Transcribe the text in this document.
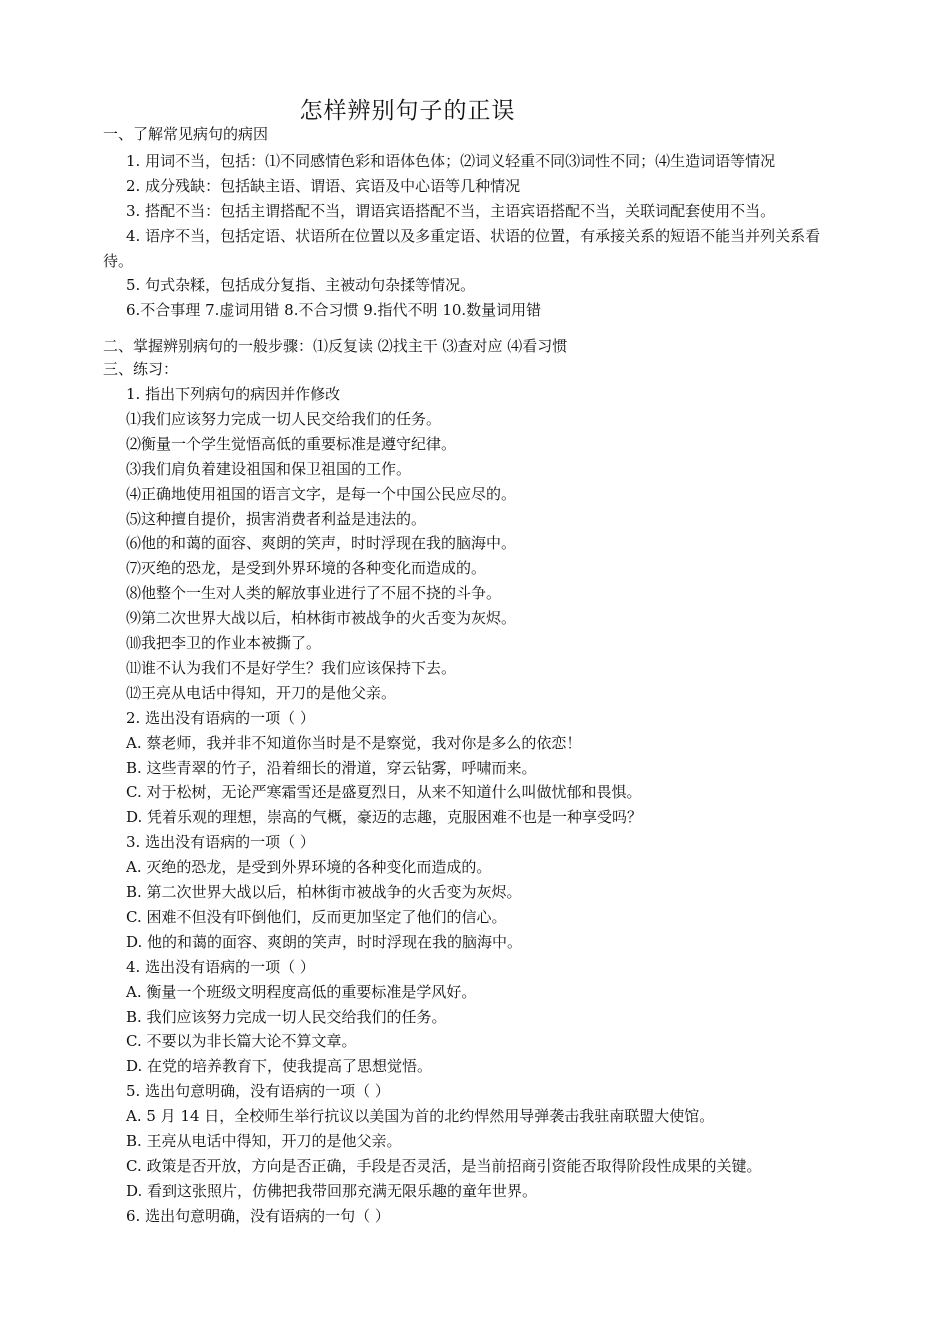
怎样辨别句子的正误
一、了解常见病句的病因
1. 用词不当，包括：⑴不同感情色彩和语体色体；⑵词义轻重不同⑶词性不同；⑷生造词语等情况
2. 成分残缺：包括缺主语、谓语、宾语及中心语等几种情况
3. 搭配不当：包括主谓搭配不当，谓语宾语搭配不当，主语宾语搭配不当，关联词配套使用不当。
4. 语序不当，包括定语、状语所在位置以及多重定语、状语的位置，有承接关系的短语不能当并列关系看待。
5. 句式杂糅，包括成分复指、主被动句杂揉等情况。
6.不合事理 7.虚词用错 8.不合习惯 9.指代不明 10.数量词用错
二、掌握辨别病句的一般步骤：⑴反复读 ⑵找主干 ⑶查对应 ⑷看习惯
三、练习：
1. 指出下列病句的病因并作修改
⑴我们应该努力完成一切人民交给我们的任务。
⑵衡量一个学生觉悟高低的重要标准是遵守纪律。
⑶我们肩负着建设祖国和保卫祖国的工作。
⑷正确地使用祖国的语言文字，是每一个中国公民应尽的。
⑸这种擅自提价，损害消费者利益是违法的。
⑹他的和蔼的面容、爽朗的笑声，时时浮现在我的脑海中。
⑺灭绝的恐龙，是受到外界环境的各种变化而造成的。
⑻他整个一生对人类的解放事业进行了不屈不挠的斗争。
⑼第二次世界大战以后，柏林街市被战争的火舌变为灰烬。
⑽我把李卫的作业本被撕了。
⑾谁不认为我们不是好学生？我们应该保持下去。
⑿王亮从电话中得知，开刀的是他父亲。
2. 选出没有语病的一项（ ）
A. 蔡老师，我并非不知道你当时是不是察觉，我对你是多么的依恋！
B. 这些青翠的竹子，沿着细长的滑道，穿云钻雾，呼啸而来。
C. 对于松树，无论严寒霜雪还是盛夏烈日，从来不知道什么叫做忧郁和畏惧。
D. 凭着乐观的理想，崇高的气概，豪迈的志趣，克服困难不也是一种享受吗？
3. 选出没有语病的一项（ ）
A. 灭绝的恐龙，是受到外界环境的各种变化而造成的。
B. 第二次世界大战以后，柏林街市被战争的火舌变为灰烬。
C. 困难不但没有吓倒他们，反而更加坚定了他们的信心。
D. 他的和蔼的面容、爽朗的笑声，时时浮现在我的脑海中。
4. 选出没有语病的一项（ ）
A. 衡量一个班级文明程度高低的重要标准是学风好。
B. 我们应该努力完成一切人民交给我们的任务。
C. 不要以为非长篇大论不算文章。
D. 在党的培养教育下，使我提高了思想觉悟。
5. 选出句意明确，没有语病的一项（ ）
A. 5 月 14 日，全校师生举行抗议以美国为首的北约悍然用导弹袭击我驻南联盟大使馆。
B. 王亮从电话中得知，开刀的是他父亲。
C. 政策是否开放，方向是否正确，手段是否灵活，是当前招商引资能否取得阶段性成果的关键。
D. 看到这张照片，仿佛把我带回那充满无限乐趣的童年世界。
6. 选出句意明确，没有语病的一句（ ）
